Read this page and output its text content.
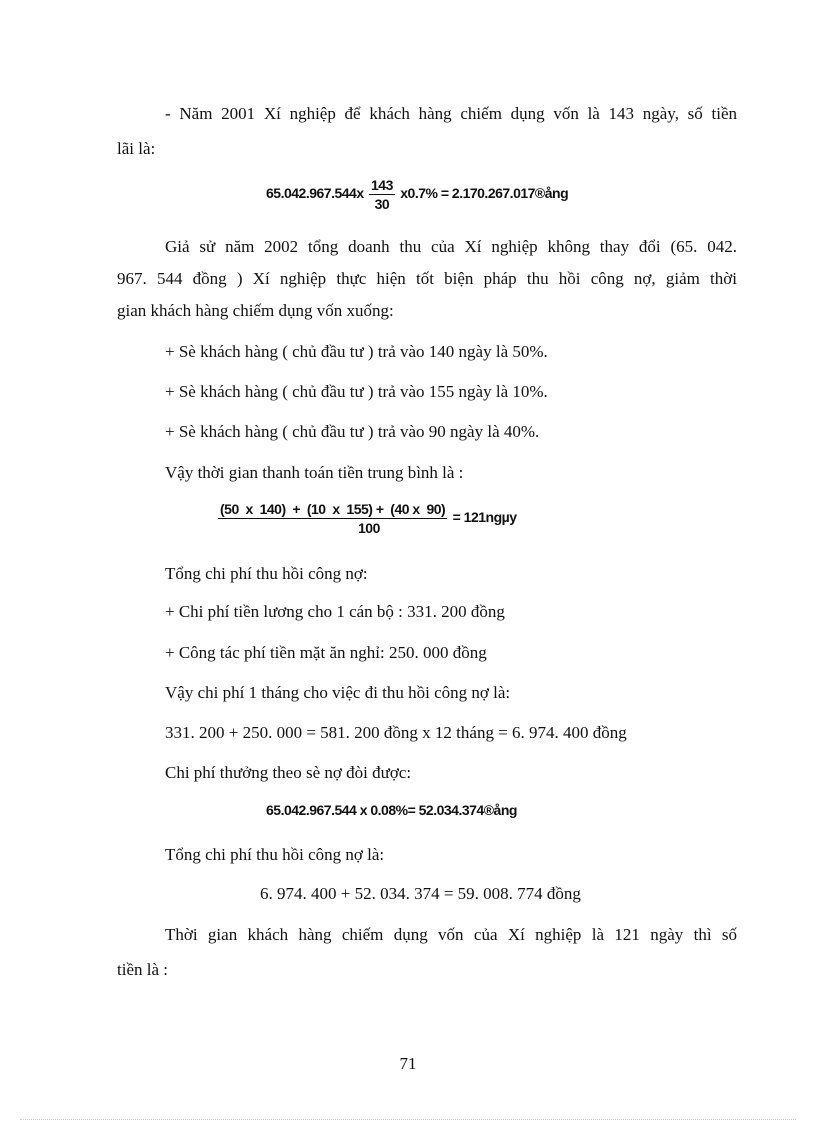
- Năm 2001 Xí nghiệp để khách hàng chiếm dụng vốn là 143 ngày, số tiền
lãi là:
$65.042.967.544x \frac{143}{30} x0.7\%$ = 2.170.267.017®ång
Giả sử năm 2002 tổng doanh thu của Xí nghiệp không thay đổi (65. 042.
967. 544 đồng ) Xí nghiệp thực hiện tốt biện pháp thu hồi công nợ, giảm thời
gian khách hàng chiếm dụng vốn xuống:
+ Sè khách hàng ( chủ đầu tư ) trả vào 140 ngày là 50%.
+ Sè khách hàng ( chủ đầu tư ) trả vào 155 ngày là 10%.
+ Sè khách hàng ( chủ đầu tư ) trả vào 90 ngày là 40%.
Vậy thời gian thanh toán tiền trung bình là :
$\frac{(50 x 140) + (10 x 155) + (40 x 90)}{100} = 121ng\mu y$
Tổng chi phí thu hồi công nợ:
+ Chi phí tiền lương cho 1 cán bộ : 331. 200 đồng
+ Công tác phí tiền mặt ăn nghỉ: 250. 000 đồng
Vậy chi phí 1 tháng cho việc đi thu hồi công nợ là:
331. 200 + 250. 000 = 581. 200 đồng x 12 tháng = 6. 974. 400 đồng
Chi phí thưởng theo sè nợ đòi được:
65.042.967.544 x 0.08%= 52.034.374®ång
Tổng chi phí thu hồi công nợ là:
6. 974. 400 + 52. 034. 374 = 59. 008. 774 đồng
Thời gian khách hàng chiếm dụng vốn của Xí nghiệp là 121 ngày thì số
tiền là :
71
